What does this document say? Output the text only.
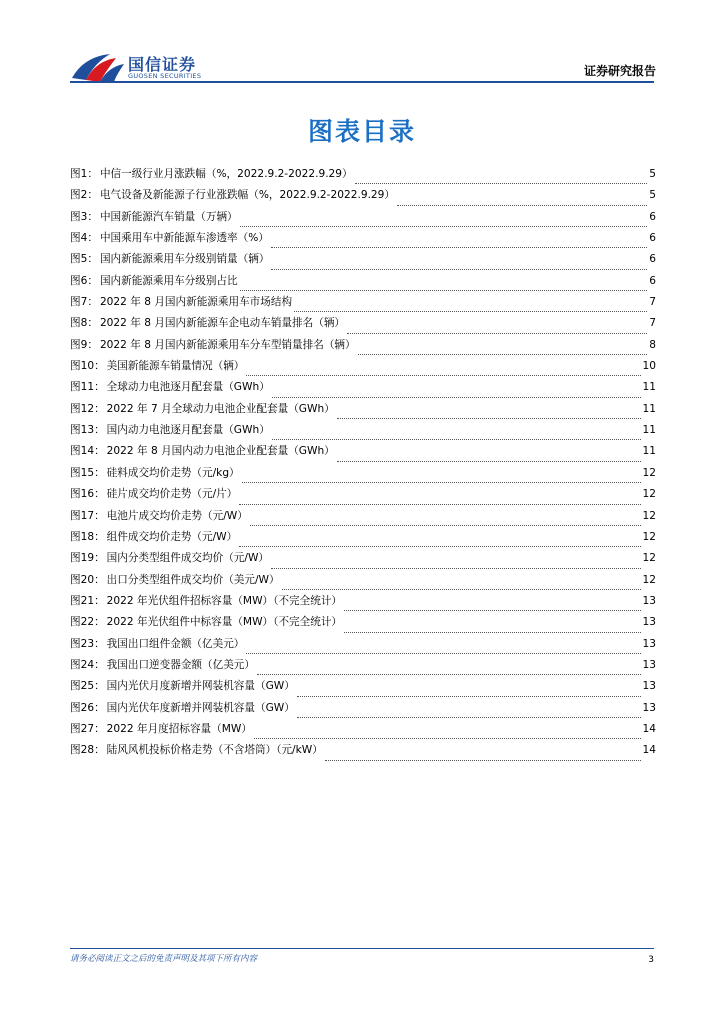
国信证券
GUOSEN SECURITIES	证券研究报告
图表目录
图1： 中信一级行业月涨跌幅（%，2022.9.2-2022.9.29）	5
图2： 电气设备及新能源子行业涨跌幅（%，2022.9.2-2022.9.29）	5
图3： 中国新能源汽车销量（万辆）	6
图4： 中国乘用车中新能源车渗透率（%）	6
图5： 国内新能源乘用车分级别销量（辆）	6
图6： 国内新能源乘用车分级别占比	6
图7： 2022 年 8 月国内新能源乘用车市场结构	7
图8： 2022 年 8 月国内新能源车企电动车销量排名（辆）	7
图9： 2022 年 8 月国内新能源乘用车分车型销量排名（辆）	8
图10： 美国新能源车销量情况（辆）	10
图11： 全球动力电池逐月配套量（GWh）	11
图12： 2022 年 7 月全球动力电池企业配套量（GWh）	11
图13： 国内动力电池逐月配套量（GWh）	11
图14： 2022 年 8 月国内动力电池企业配套量（GWh）	11
图15： 硅料成交均价走势（元/kg）	12
图16： 硅片成交均价走势（元/片）	12
图17： 电池片成交均价走势（元/W）	12
图18： 组件成交均价走势（元/W）	12
图19： 国内分类型组件成交均价（元/W）	12
图20： 出口分类型组件成交均价（美元/W）	12
图21： 2022 年光伏组件招标容量（MW）（不完全统计）	13
图22： 2022 年光伏组件中标容量（MW）（不完全统计）	13
图23： 我国出口组件金额（亿美元）	13
图24： 我国出口逆变器金额（亿美元）	13
图25： 国内光伏月度新增并网装机容量（GW）	13
图26： 国内光伏年度新增并网装机容量（GW）	13
图27： 2022 年月度招标容量（MW）	14
图28： 陆风风机投标价格走势（不含塔筒）（元/kW）	14
请务必阅读正文之后的免责声明及其项下所有内容	3
